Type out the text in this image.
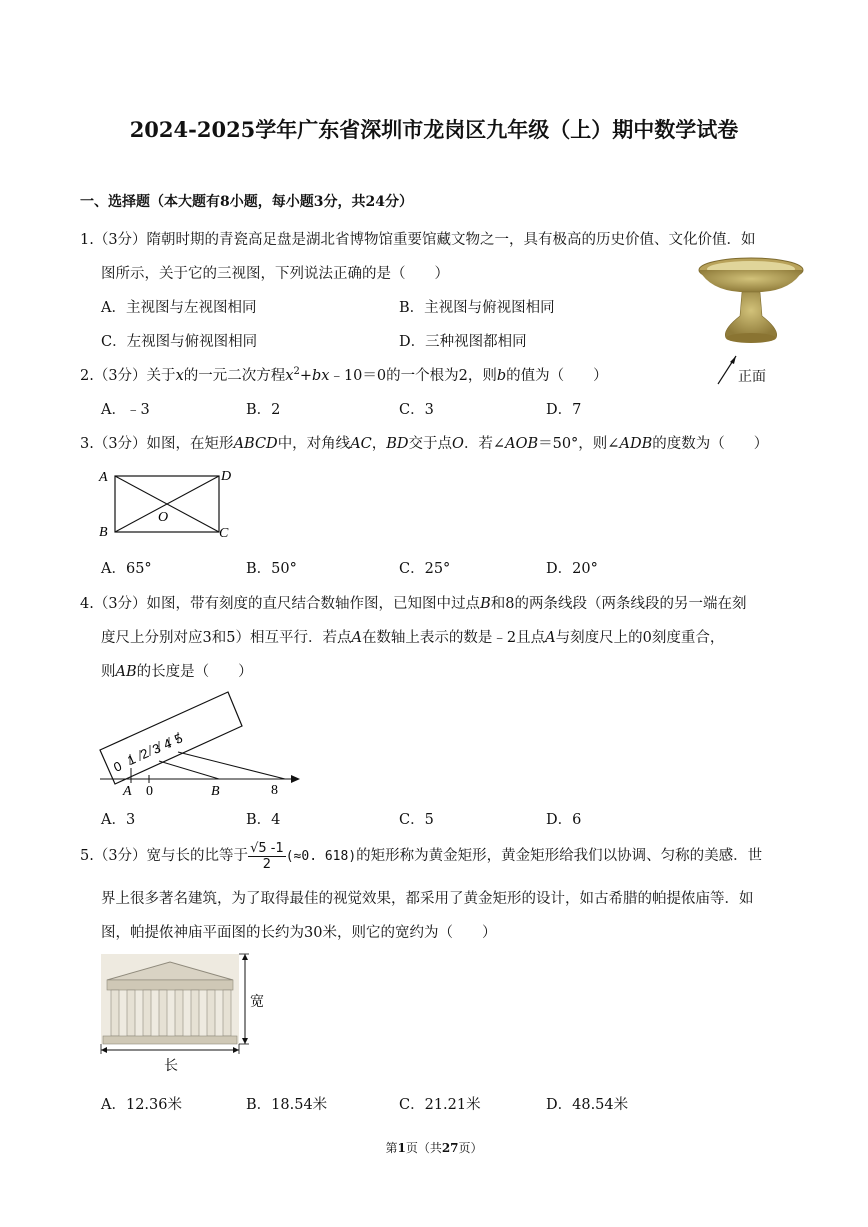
2024-2025学年广东省深圳市龙岗区九年级（上）期中数学试卷
一、选择题（本大题有8小题，每小题3分，共24分）
1.（3分）隋朝时期的青瓷高足盘是湖北省博物馆重要馆藏文物之一，具有极高的历史价值、文化价值．如
图所示，关于它的三视图，下列说法正确的是（　　）
A．主视图与左视图相同	B．主视图与俯视图相同
C．左视图与俯视图相同	D．三种视图都相同
正面
2.（3分）关于x的一元二次方程$x^2+bx﹣10=0$的一个根为2，则b的值为（　　）
A．﹣3	B．2	C．3	D．7
3.（3分）如图，在矩形ABCD中，对角线AC，BD交于点O．若∠AOB＝50°，则∠ADB的度数为（　　）
A	D
B	C
O
A．65°	B．50°	C．25°	D．20°
4.（3分）如图，带有刻度的直尺结合数轴作图，已知图中过点B和8的两条线段（两条线段的另一端在刻
度尺上分别对应3和5）相互平行．若点A在数轴上表示的数是﹣2且点A与刻度尺上的0刻度重合，
则AB的长度是（　　）
0 1 2 3
4
5
A 0	B	8
A．3	B．4	C．5	D．6
5.（3分）宽与长的比等于 $\frac{√5 -1}{2} (\approx 0$. 618)的矩形称为黄金矩形，黄金矩形给我们以协调、匀称的美感．世
界上很多著名建筑，为了取得最佳的视觉效果，都采用了黄金矩形的设计，如古希腊的帕提侬庙等．如
图，帕提侬神庙平面图的长约为30米，则它的宽约为（　　）
宽
长
A．12.36米	B．18.54米	C．21.21米	D．48.54米
第1页（共27页）
